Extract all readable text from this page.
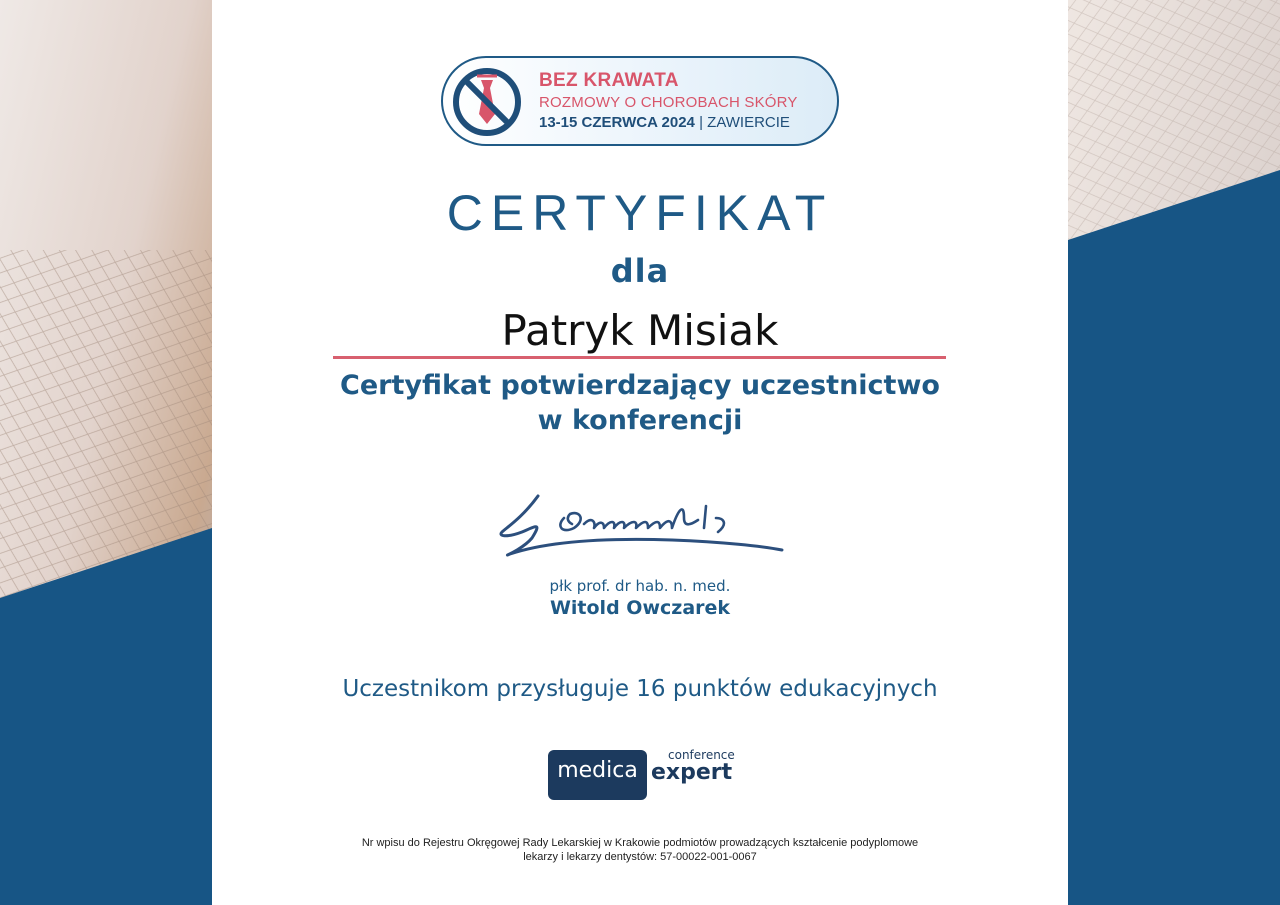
BEZ KRAWATA
ROZMOWY O CHOROBACH SKÓRY
13-15 CZERWCA 2024 | ZAWIERCIE
CERTYFIKAT
dla
Patryk Misiak
Certyfikat potwierdzający uczestnictwo
w konferencji
płk prof. dr hab. n. med.
Witold Owczarek
Uczestnikom przysługuje 16 punktów edukacyjnych
medica
conference
expert
Nr wpisu do Rejestru Okręgowej Rady Lekarskiej w Krakowie podmiotów prowadzących kształcenie podyplomowe
lekarzy i lekarzy dentystów: 57-00022-001-0067
